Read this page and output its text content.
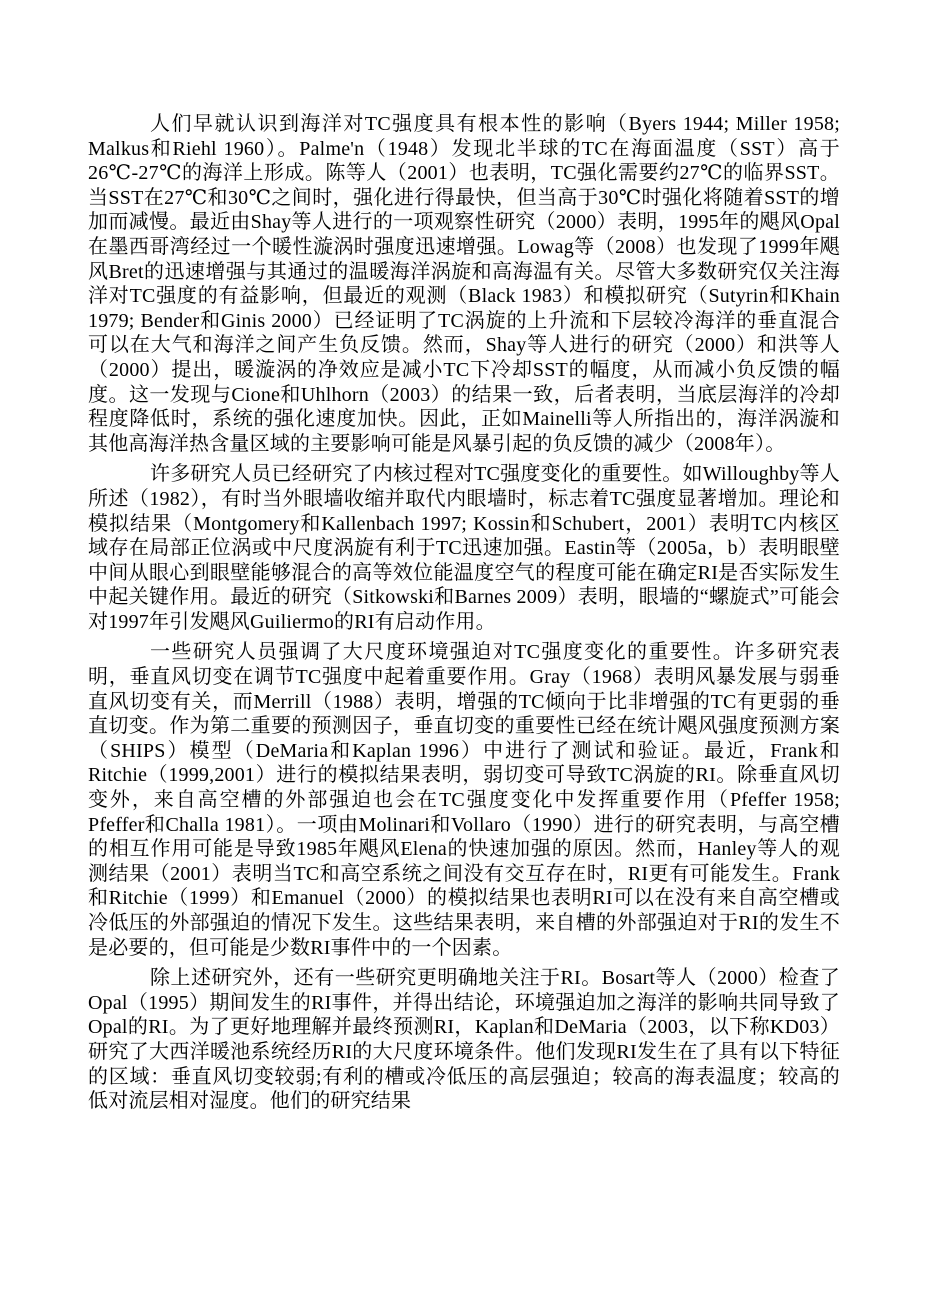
人们早就认识到海洋对TC强度具有根本性的影响（Byers 1944; Miller 1958; Malkus和Riehl 1960）。Palme'n（1948）发现北半球的TC在海面温度（SST）高于26℃-27℃的海洋上形成。陈等人（2001）也表明，TC强化需要约27℃的临界SST。当SST在27℃和30℃之间时，强化进行得最快，但当高于30℃时强化将随着SST的增加而减慢。最近由Shay等人进行的一项观察性研究（2000）表明，1995年的飓风Opal在墨西哥湾经过一个暖性漩涡时强度迅速增强。Lowag等（2008）也发现了1999年飓风Bret的迅速增强与其通过的温暖海洋涡旋和高海温有关。尽管大多数研究仅关注海洋对TC强度的有益影响，但最近的观测（Black 1983）和模拟研究（Sutyrin和Khain 1979; Bender和Ginis 2000）已经证明了TC涡旋的上升流和下层较冷海洋的垂直混合可以在大气和海洋之间产生负反馈。然而，Shay等人进行的研究（2000）和洪等人（2000）提出，暖漩涡的净效应是减小TC下冷却SST的幅度，从而减小负反馈的幅度。这一发现与Cione和Uhlhorn（2003）的结果一致，后者表明，当底层海洋的冷却程度降低时，系统的强化速度加快。因此，正如Mainelli等人所指出的，海洋涡漩和其他高海洋热含量区域的主要影响可能是风暴引起的负反馈的减少（2008年）。

许多研究人员已经研究了内核过程对TC强度变化的重要性。如Willoughby等人所述（1982），有时当外眼墙收缩并取代内眼墙时，标志着TC强度显著增加。理论和模拟结果（Montgomery和Kallenbach 1997; Kossin和Schubert，2001）表明TC内核区域存在局部正位涡或中尺度涡旋有利于TC迅速加强。Eastin等（2005a，b）表明眼壁中间从眼心到眼壁能够混合的高等效位能温度空气的程度可能在确定RI是否实际发生中起关键作用。最近的研究（Sitkowski和Barnes 2009）表明，眼墙的“螺旋式”可能会对1997年引发飓风Guiliermo的RI有启动作用。

一些研究人员强调了大尺度环境强迫对TC强度变化的重要性。许多研究表明，垂直风切变在调节TC强度中起着重要作用。Gray（1968）表明风暴发展与弱垂直风切变有关，而Merrill（1988）表明，增强的TC倾向于比非增强的TC有更弱的垂直切变。作为第二重要的预测因子，垂直切变的重要性已经在统计飓风强度预测方案（SHIPS）模型（DeMaria和Kaplan 1996）中进行了测试和验证。最近，Frank和Ritchie（1999,2001）进行的模拟结果表明，弱切变可导致TC涡旋的RI。除垂直风切变外，来自高空槽的外部强迫也会在TC强度变化中发挥重要作用（Pfeffer 1958; Pfeffer和Challa 1981）。一项由Molinari和Vollaro（1990）进行的研究表明，与高空槽的相互作用可能是导致1985年飓风Elena的快速加强的原因。然而，Hanley等人的观测结果（2001）表明当TC和高空系统之间没有交互存在时，RI更有可能发生。Frank和Ritchie（1999）和Emanuel（2000）的模拟结果也表明RI可以在没有来自高空槽或冷低压的外部强迫的情况下发生。这些结果表明，来自槽的外部强迫对于RI的发生不是必要的，但可能是少数RI事件中的一个因素。

除上述研究外，还有一些研究更明确地关注于RI。Bosart等人（2000）检查了Opal（1995）期间发生的RI事件，并得出结论，环境强迫加之海洋的影响共同导致了Opal的RI。为了更好地理解并最终预测RI，Kaplan和DeMaria（2003，以下称KD03）研究了大西洋暖池系统经历RI的大尺度环境条件。他们发现RI发生在了具有以下特征的区域：垂直风切变较弱;有利的槽或冷低压的高层强迫；较高的海表温度；较高的低对流层相对湿度。他们的研究结果
